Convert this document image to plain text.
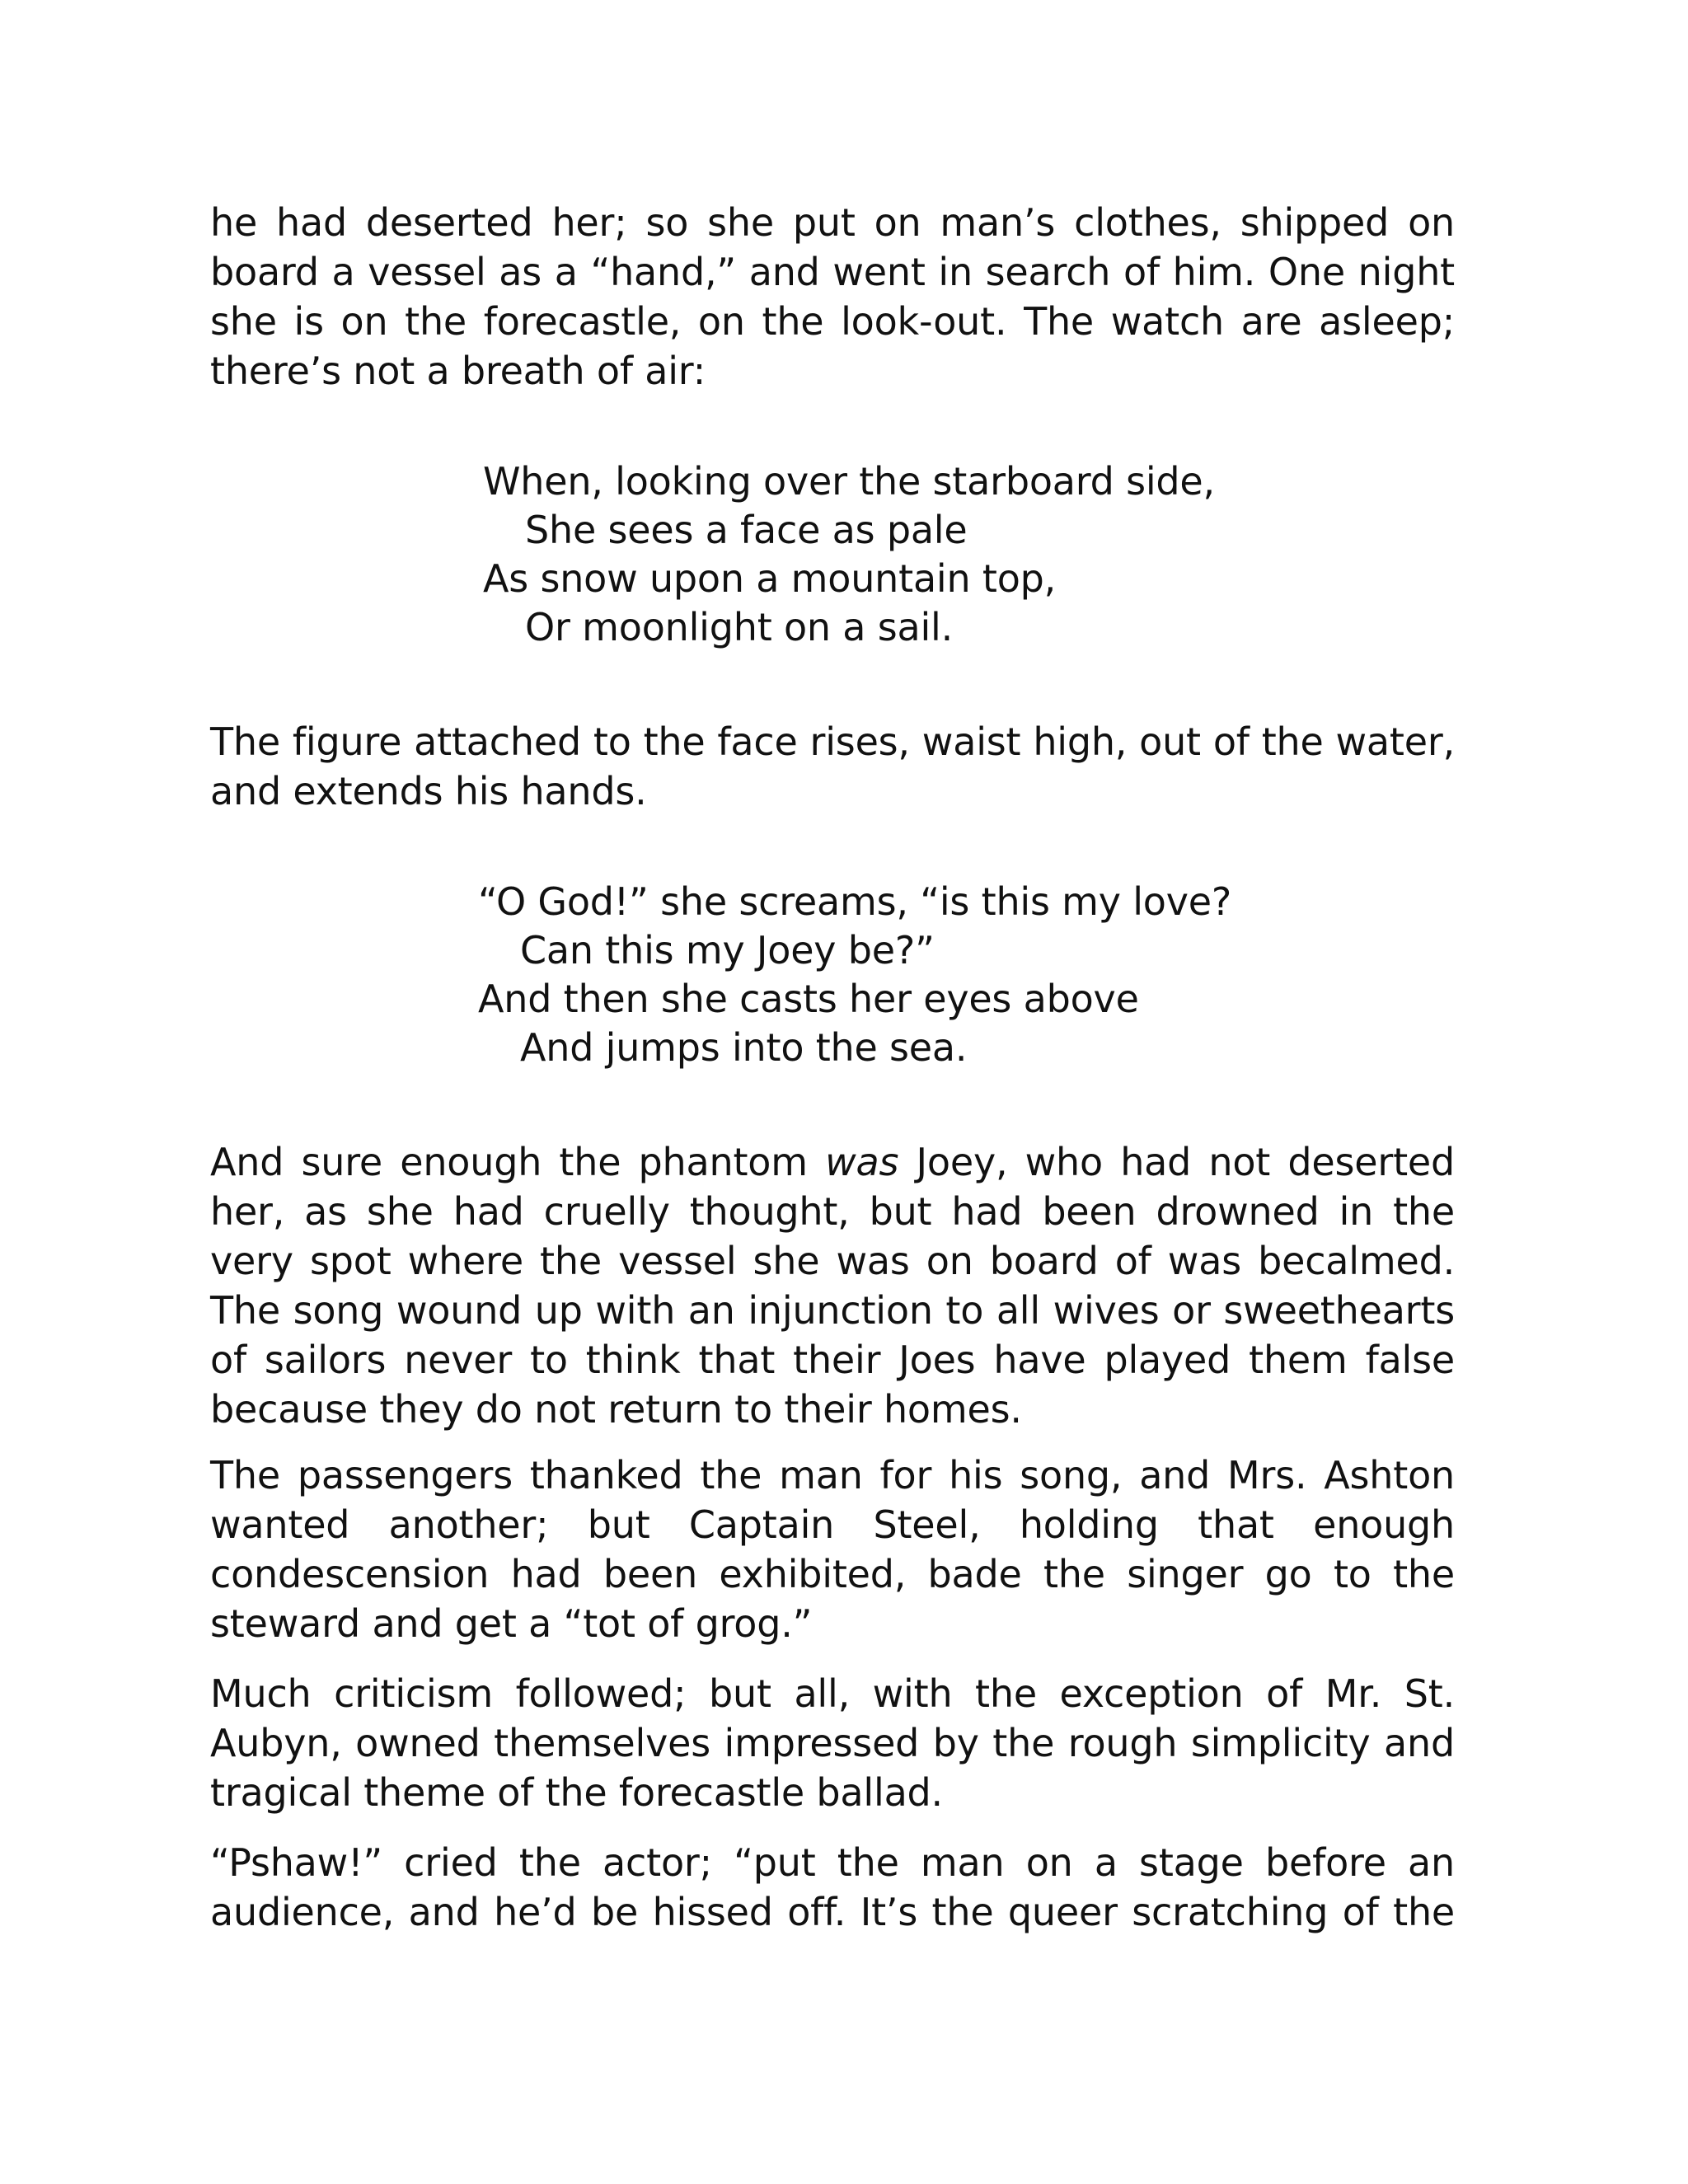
he had deserted her; so she put on man’s clothes, shipped on board a vessel as a “hand,” and went in search of him. One night she is on the forecastle, on the look-out. The watch are asleep; there’s not a breath of air:

When, looking over the starboard side,
She sees a face as pale
As snow upon a mountain top,
Or moonlight on a sail.

The figure attached to the face rises, waist high, out of the water, and extends his hands.

“O God!” she screams, “is this my love?
Can this my Joey be?”
And then she casts her eyes above
And jumps into the sea.

And sure enough the phantom was Joey, who had not deserted her, as she had cruelly thought, but had been drowned in the very spot where the vessel she was on board of was becalmed. The song wound up with an injunction to all wives or sweethearts of sailors never to think that their Joes have played them false because they do not return to their homes.

The passengers thanked the man for his song, and Mrs. Ashton wanted another; but Captain Steel, holding that enough condescension had been exhibited, bade the singer go to the steward and get a “tot of grog.”

Much criticism followed; but all, with the exception of Mr. St. Aubyn, owned themselves impressed by the rough simplicity and tragical theme of the forecastle ballad.

“Pshaw!” cried the actor; “put the man on a stage before an audience, and he’d be hissed off. It’s the queer scratching of the
